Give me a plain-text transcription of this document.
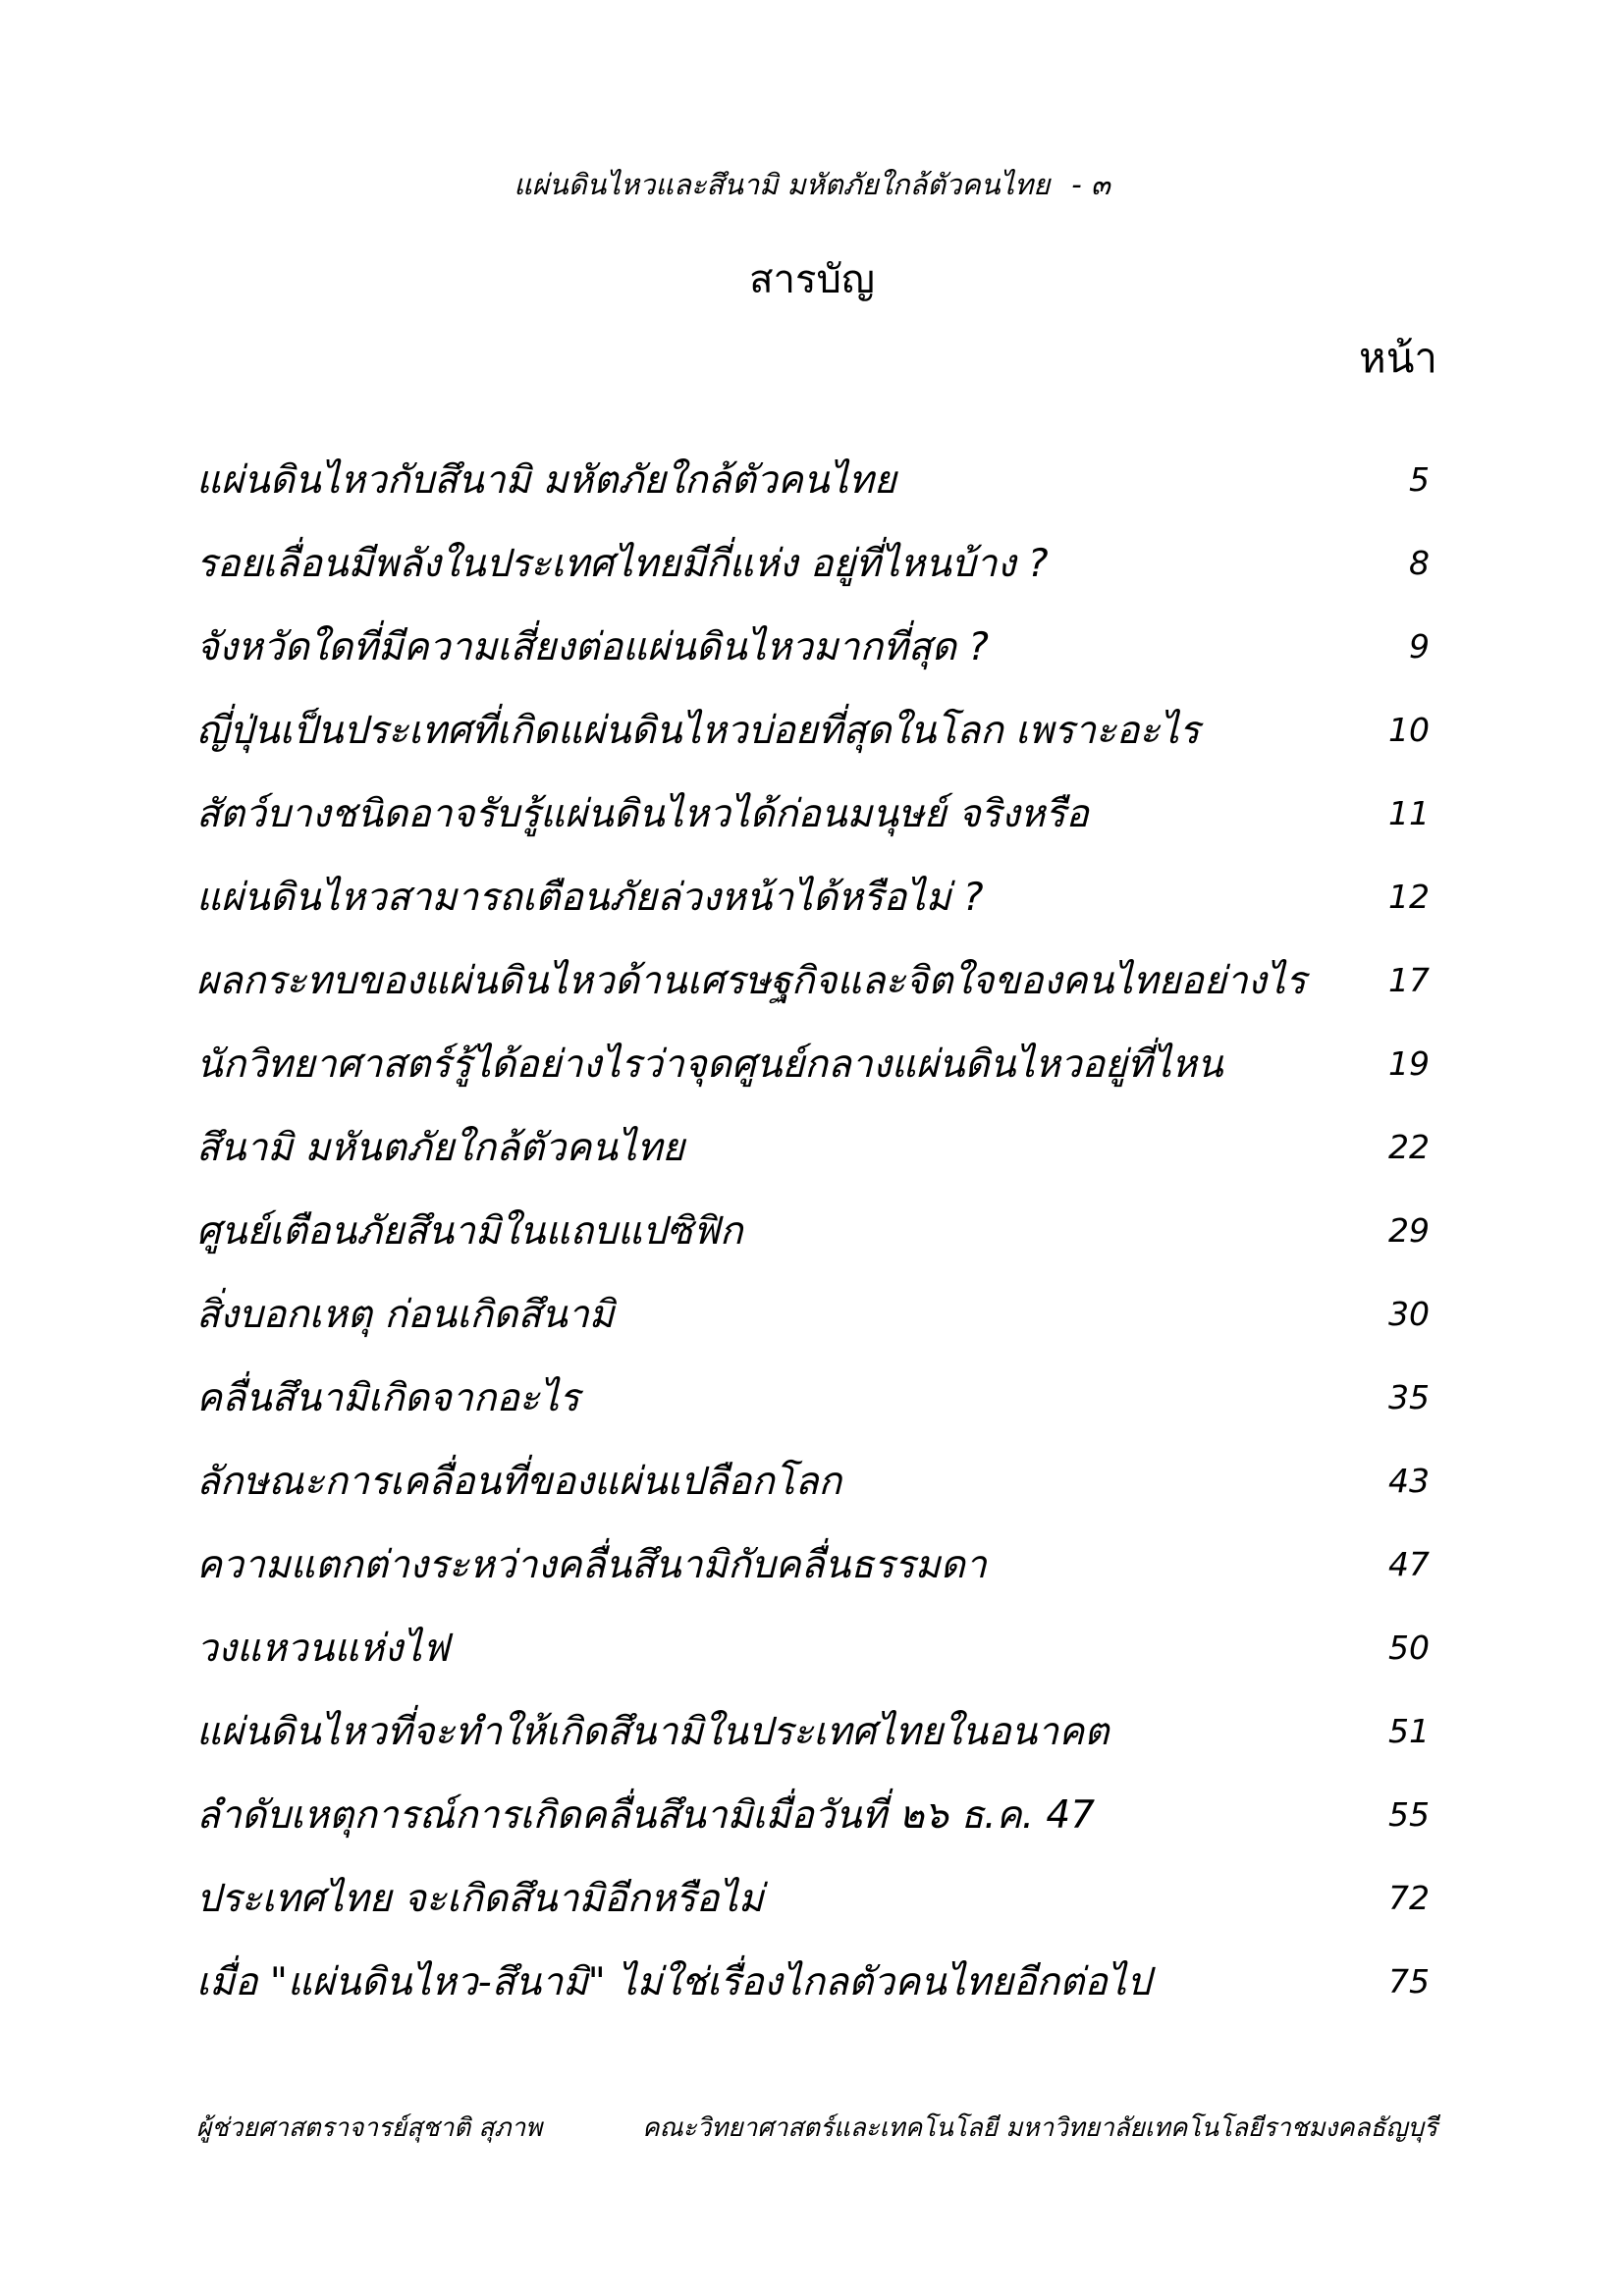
แผ่นดินไหวและสึนามิ มหัตภัยใกล้ตัวคนไทย - ๓
สารบัญ
หน้า
แผ่นดินไหวกับสึนามิ มหัตภัยใกล้ตัวคนไทย	5
รอยเลื่อนมีพลังในประเทศไทยมีกี่แห่ง อยู่ที่ไหนบ้าง ?	8
จังหวัดใดที่มีความเสี่ยงต่อแผ่นดินไหวมากที่สุด ?	9
ญี่ปุ่นเป็นประเทศที่เกิดแผ่นดินไหวบ่อยที่สุดในโลก เพราะอะไร	10
สัตว์บางชนิดอาจรับรู้แผ่นดินไหวได้ก่อนมนุษย์ จริงหรือ	11
แผ่นดินไหวสามารถเตือนภัยล่วงหน้าได้หรือไม่ ?	12
ผลกระทบของแผ่นดินไหวด้านเศรษฐกิจและจิตใจของคนไทยอย่างไร	17
นักวิทยาศาสตร์รู้ได้อย่างไรว่าจุดศูนย์กลางแผ่นดินไหวอยู่ที่ไหน	19
สึนามิ มหันตภัยใกล้ตัวคนไทย	22
ศูนย์เตือนภัยสึนามิในแถบแปซิฟิก	29
สิ่งบอกเหตุ ก่อนเกิดสึนามิ	30
คลื่นสึนามิเกิดจากอะไร	35
ลักษณะการเคลื่อนที่ของแผ่นเปลือกโลก	43
ความแตกต่างระหว่างคลื่นสึนามิกับคลื่นธรรมดา	47
วงแหวนแห่งไฟ	50
แผ่นดินไหวที่จะทำให้เกิดสึนามิในประเทศไทยในอนาคต	51
ลำดับเหตุการณ์การเกิดคลื่นสึนามิเมื่อวันที่ ๒๖ ธ.ค. 47	55
ประเทศไทย จะเกิดสึนามิอีกหรือไม่	72
เมื่อ "แผ่นดินไหว-สึนามิ" ไม่ใช่เรื่องไกลตัวคนไทยอีกต่อไป	75
ผู้ช่วยศาสตราจารย์สุชาติ สุภาพ	คณะวิทยาศาสตร์และเทคโนโลยี มหาวิทยาลัยเทคโนโลยีราชมงคลธัญบุรี
